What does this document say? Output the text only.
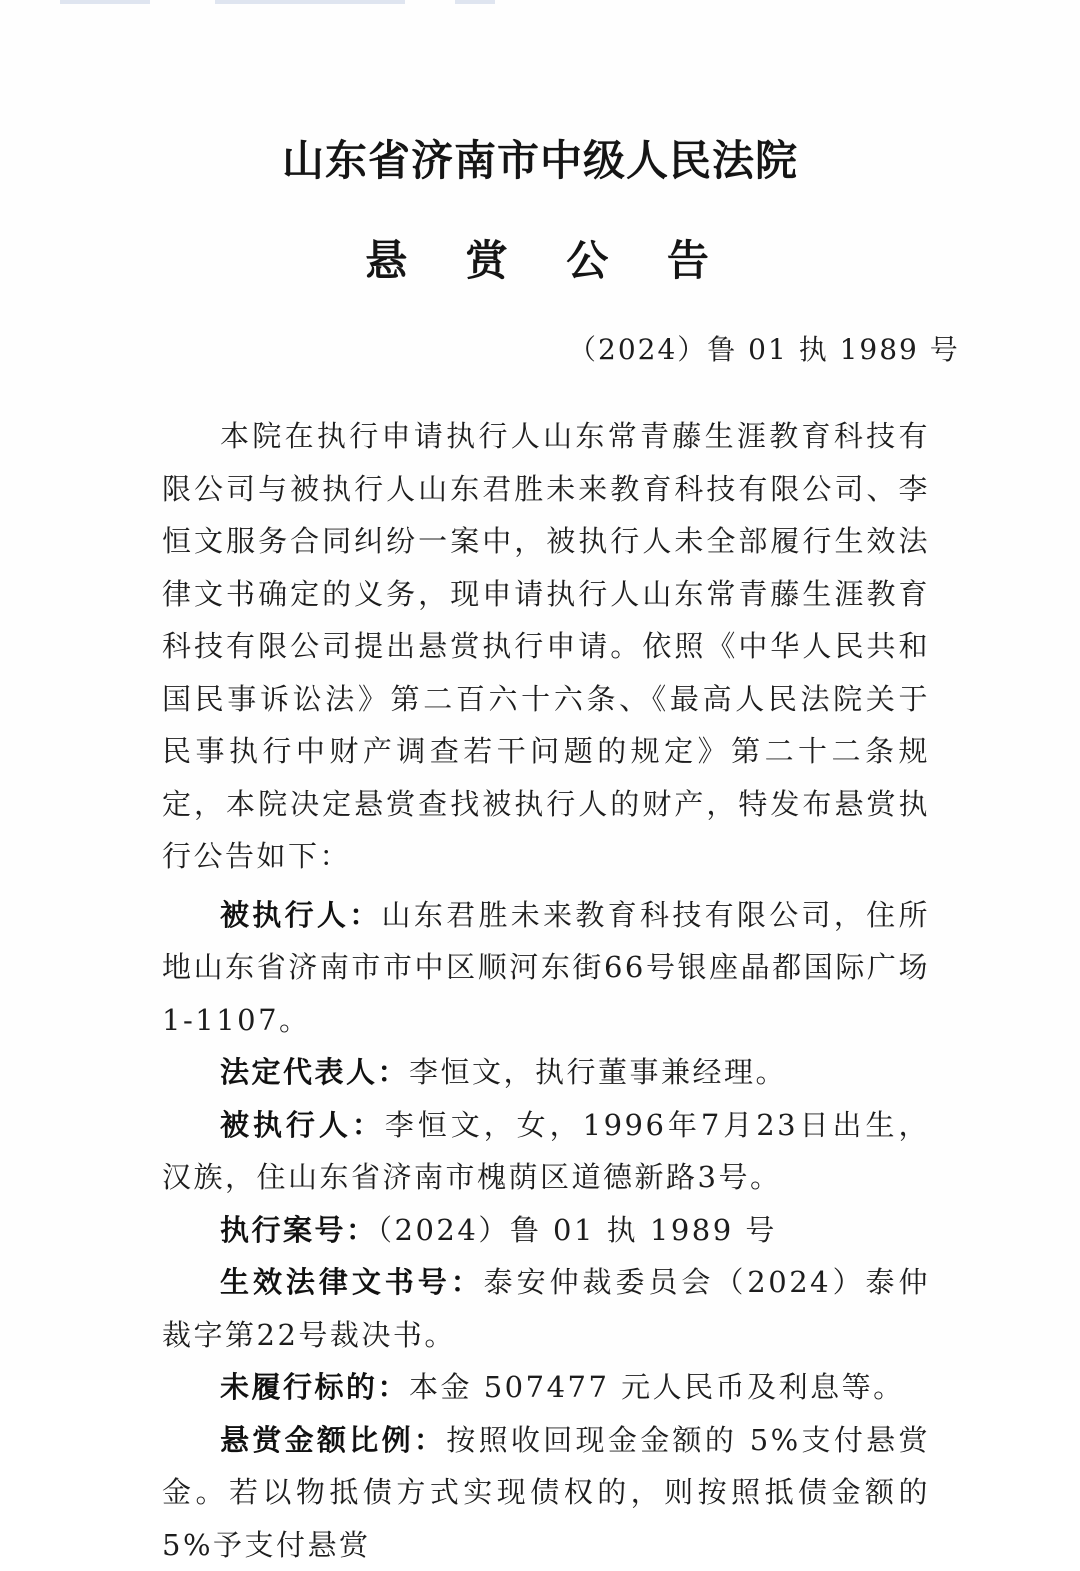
山东省济南市中级人民法院
悬 赏 公 告
（2024）鲁 01 执 1989 号

本院在执行申请执行人山东常青藤生涯教育科技有限公司与被执行人山东君胜未来教育科技有限公司、李恒文服务合同纠纷一案中，被执行人未全部履行生效法律文书确定的义务，现申请执行人山东常青藤生涯教育科技有限公司提出悬赏执行申请。依照《中华人民共和国民事诉讼法》第二百六十六条、《最高人民法院关于民事执行中财产调查若干问题的规定》第二十二条规定，本院决定悬赏查找被执行人的财产，特发布悬赏执行公告如下：

被执行人：山东君胜未来教育科技有限公司，住所地山东省济南市市中区顺河东街66号银座晶都国际广场1-1107。

法定代表人：李恒文，执行董事兼经理。

被执行人：李恒文，女，1996年7月23日出生，汉族，住山东省济南市槐荫区道德新路3号。

执行案号：（2024）鲁 01 执 1989 号

生效法律文书号：泰安仲裁委员会（2024）泰仲裁字第22号裁决书。

未履行标的：本金 507477 元人民币及利息等。

悬赏金额比例：按照收回现金金额的 5%支付悬赏金。若以物抵债方式实现债权的，则按照抵债金额的 5%予支付悬赏
